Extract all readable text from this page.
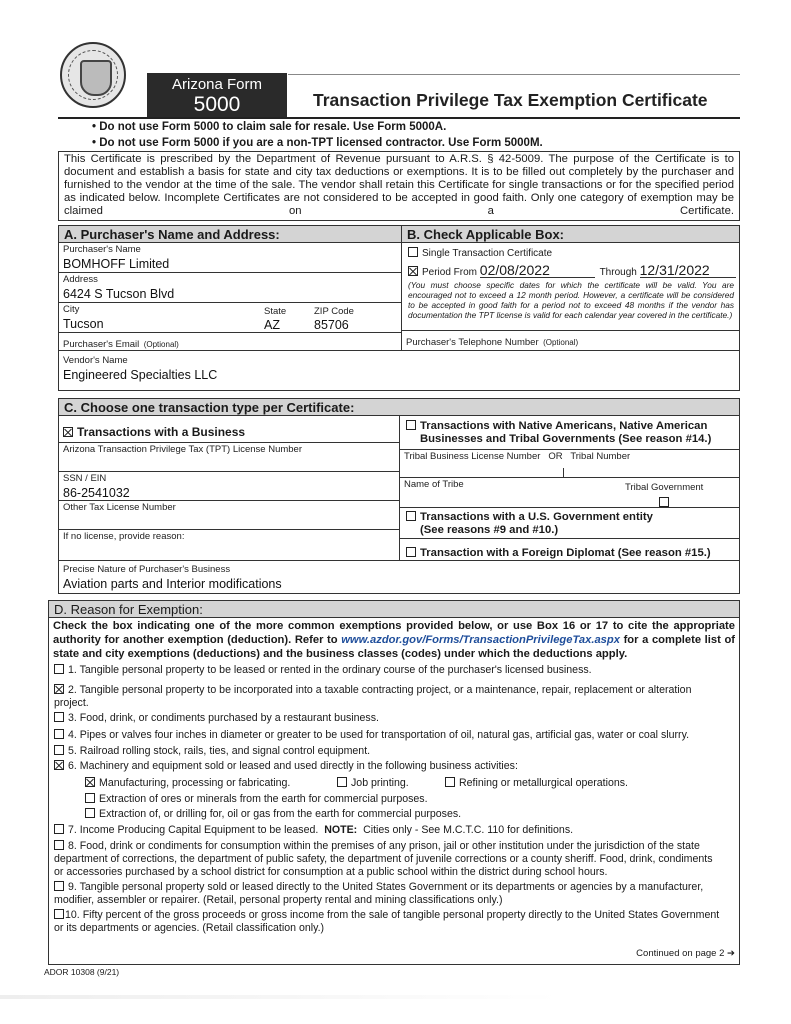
Arizona Form
5000	Transaction Privilege Tax Exemption Certificate
• Do not use Form 5000 to claim sale for resale. Use Form 5000A.
• Do not use Form 5000 if you are a non-TPT licensed contractor. Use Form 5000M.
This Certificate is prescribed by the Department of Revenue pursuant to A.R.S. § 42-5009. The purpose of the Certificate is to document and establish a basis for state and city tax deductions or exemptions. It is to be filled out completely by the purchaser and furnished to the vendor at the time of the sale. The vendor shall retain this Certificate for single transactions or for the specified period as indicated below. Incomplete Certificates are not considered to be accepted in good faith. Only one category of exemption may be claimed on a Certificate.
A. Purchaser's Name and Address:
Purchaser's Name
BOMHOFF Limited
Address
6424 S Tucson Blvd
City
Tucson
State
AZ
ZIP Code
85706
Purchaser's Email (Optional)
B. Check Applicable Box:
Single Transaction Certificate
Period From 02/08/2022	Through 12/31/2022
(You must choose specific dates for which the certificate will be valid. You are encouraged not to exceed a 12 month period. However, a certificate will be considered to be accepted in good faith for a period not to exceed 48 months if the vendor has documentation the TPT license is valid for each calendar year covered in the certificate.)
Purchaser's Telephone Number (Optional)
Vendor's Name
Engineered Specialties LLC
C. Choose one transaction type per Certificate:
Transactions with a Business
Arizona Transaction Privilege Tax (TPT) License Number
SSN / EIN
86-2541032
Other Tax License Number
If no license, provide reason:
Transactions with Native Americans, Native American
Businesses and Tribal Governments (See reason #14.)
Tribal Business License Number   OR   Tribal Number
Name of Tribe	Tribal Government
Transactions with a U.S. Government entity
(See reasons #9 and #10.)
Transaction with a Foreign Diplomat (See reason #15.)
Precise Nature of Purchaser's Business
Aviation parts and Interior modifications
D. Reason for Exemption:
Check the box indicating one of the more common exemptions provided below, or use Box 16 or 17 to cite the appropriate authority for another exemption (deduction). Refer to www.azdor.gov/Forms/TransactionPrivilegeTax.aspx for a complete list of state and city exemptions (deductions) and the business classes (codes) under which the deductions apply.
1. Tangible personal property to be leased or rented in the ordinary course of the purchaser's licensed business.
2. Tangible personal property to be incorporated into a taxable contracting project, or a maintenance, repair, replacement or alteration project.
3. Food, drink, or condiments purchased by a restaurant business.
4. Pipes or valves four inches in diameter or greater to be used for transportation of oil, natural gas, artificial gas, water or coal slurry.
5. Railroad rolling stock, rails, ties, and signal control equipment.
6. Machinery and equipment sold or leased and used directly in the following business activities:
Manufacturing, processing or fabricating.	Job printing.	Refining or metallurgical operations.
Extraction of ores or minerals from the earth for commercial purposes.
Extraction of, or drilling for, oil or gas from the earth for commercial purposes.
7. Income Producing Capital Equipment to be leased. NOTE: Cities only - See M.C.T.C. 110 for definitions.
8. Food, drink or condiments for consumption within the premises of any prison, jail or other institution under the jurisdiction of the state department of corrections, the department of public safety, the department of juvenile corrections or a county sheriff. Food, drink, condiments or accessories purchased by a school district for consumption at a public school within the district during school hours.
9. Tangible personal property sold or leased directly to the United States Government or its departments or agencies by a manufacturer, modifier, assembler or repairer. (Retail, personal property rental and mining classifications only.)
10. Fifty percent of the gross proceeds or gross income from the sale of tangible personal property directly to the United States Government or its departments or agencies. (Retail classification only.)
Continued on page 2 ➔
ADOR 10308 (9/21)
